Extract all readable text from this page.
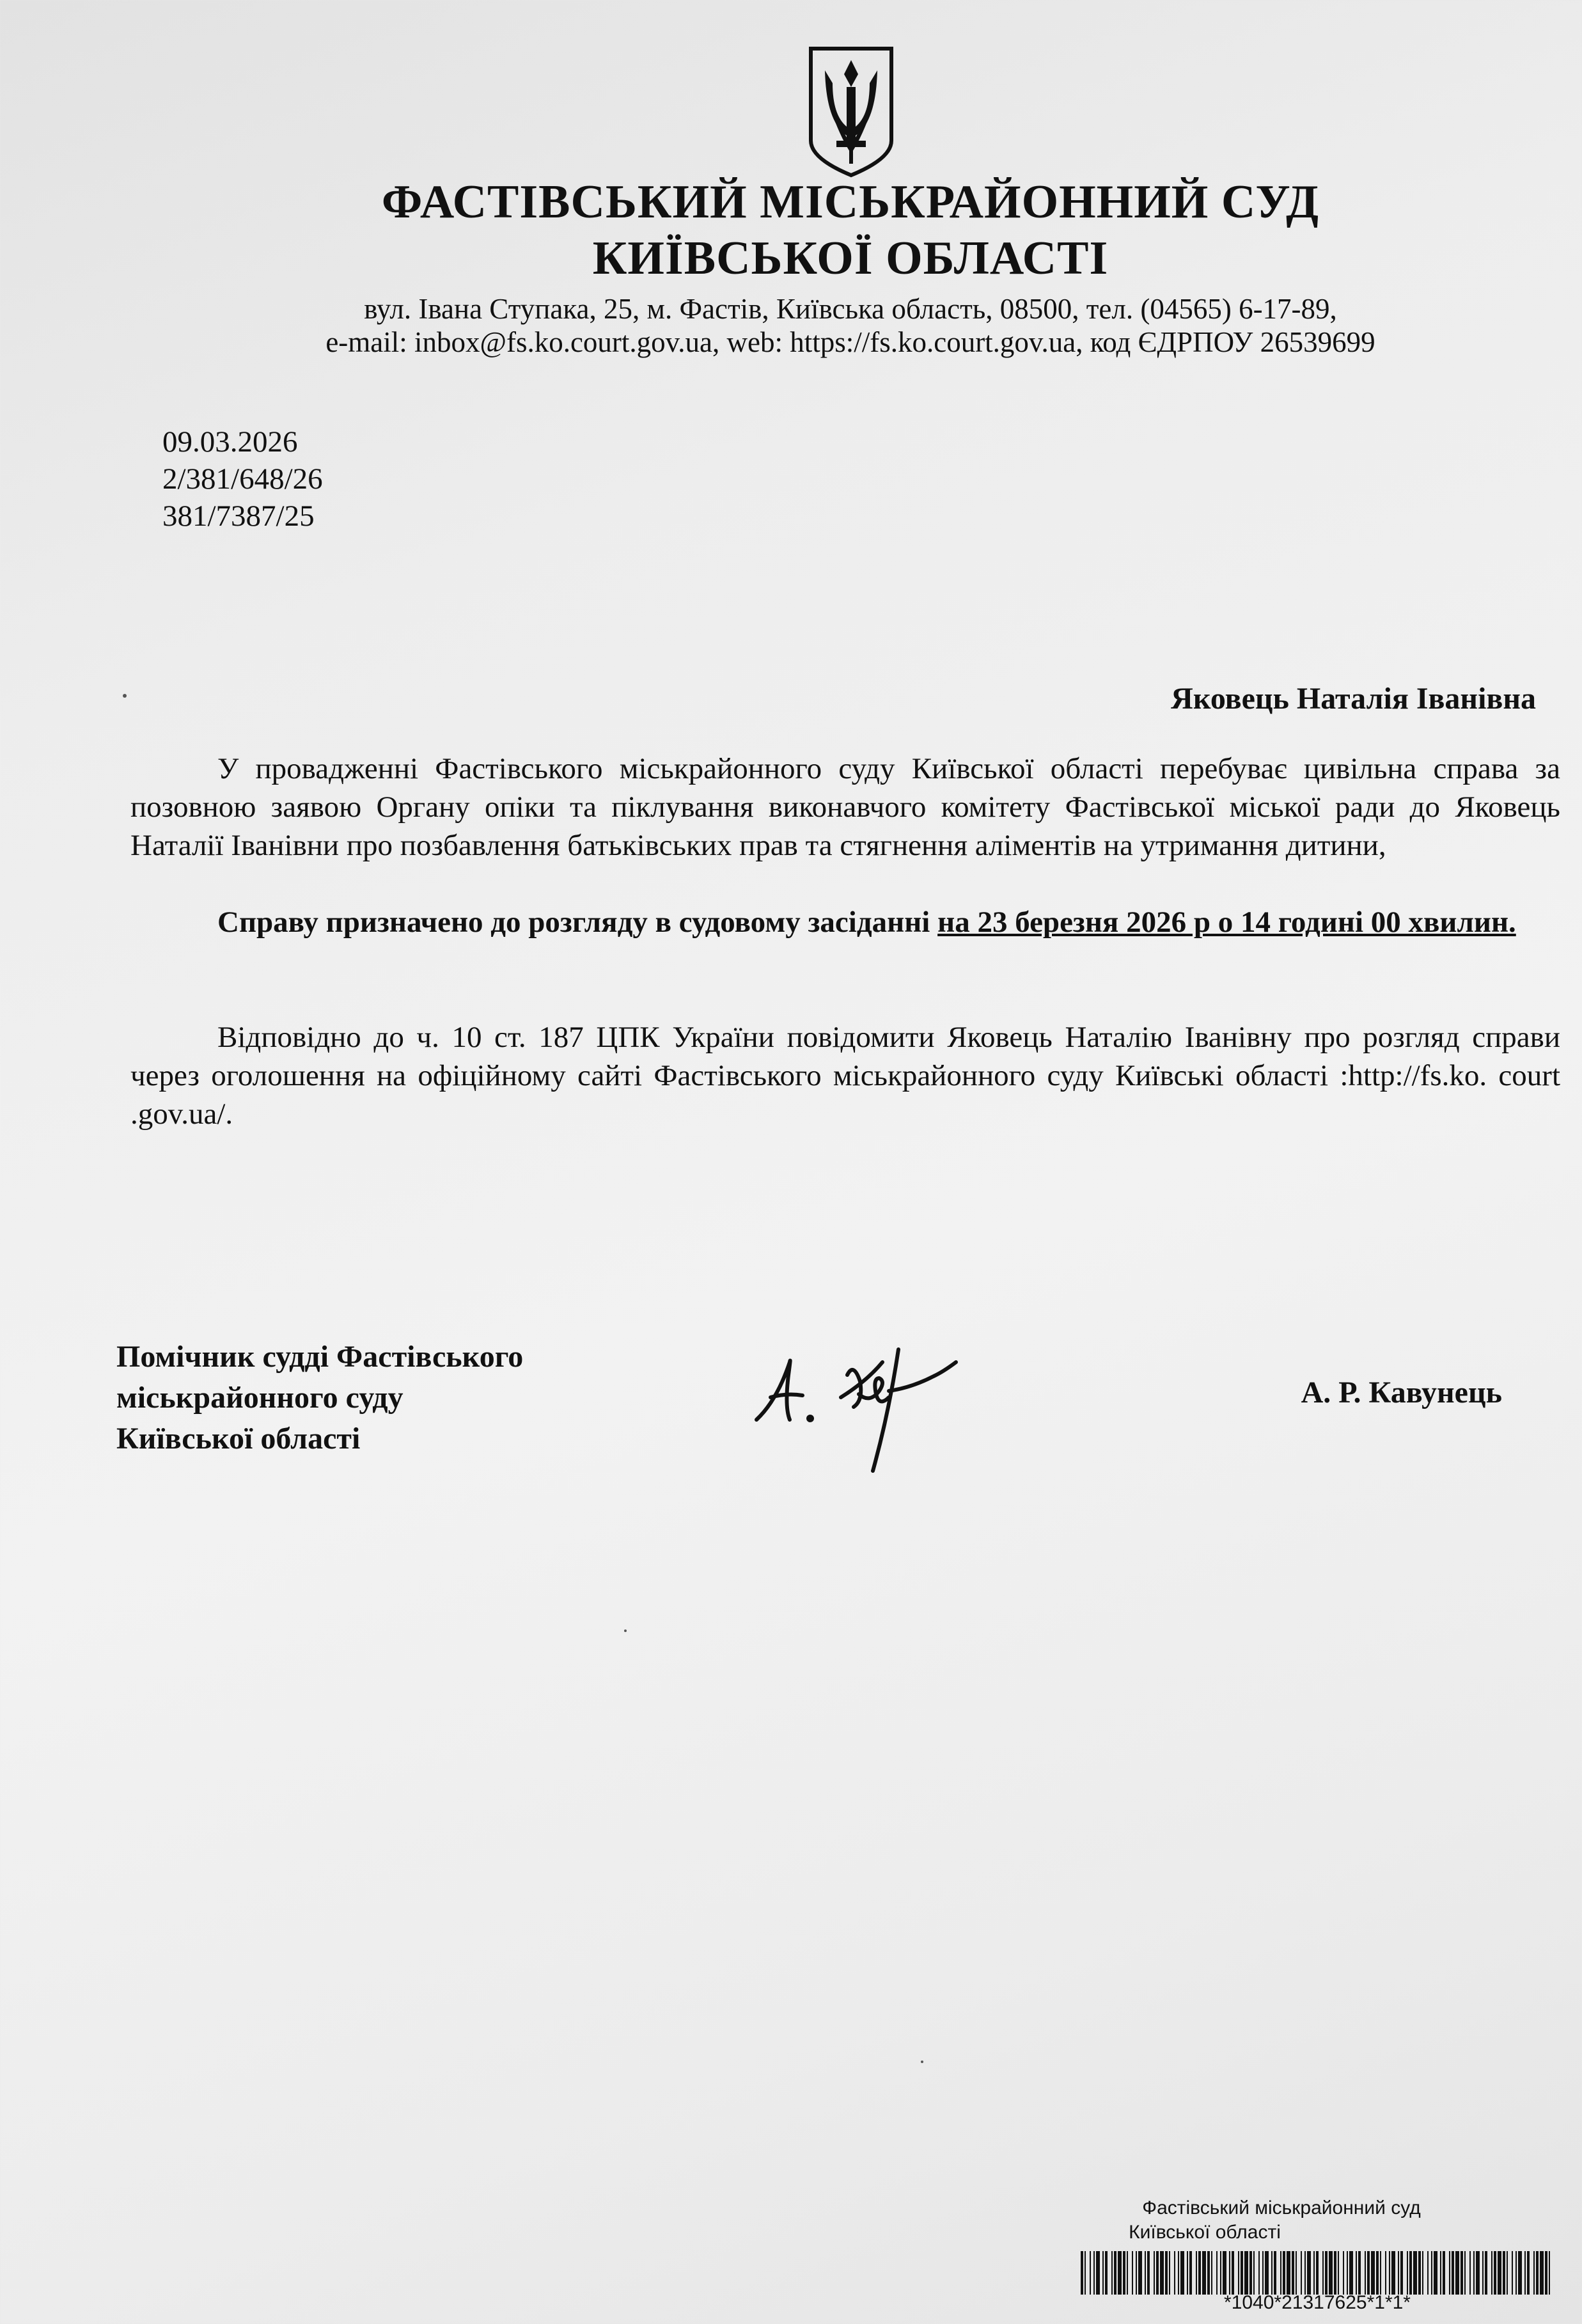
ФАСТІВСЬКИЙ МІСЬКРАЙОННИЙ СУД
КИЇВСЬКОЇ ОБЛАСТІ
вул. Івана Ступака, 25, м. Фастів, Київська область, 08500, тел. (04565) 6-17-89,
e-mail: inbox@fs.ko.court.gov.ua, web: https://fs.ko.court.gov.ua, код ЄДРПОУ 26539699
09.03.2026
2/381/648/26
381/7387/25
Яковець Наталія Іванівна

У провадженні Фастівського міськрайонного суду Київської області перебуває цивільна справа за позовною заявою Органу опіки та піклування виконавчого комітету Фастівської міської ради до Яковець Наталії Іванівни про позбавлення батьківських прав та стягнення аліментів на утримання дитини,

Справу призначено до розгляду в судовому засіданні на 23 березня 2026 р о 14 годині 00 хвилин.

Відповідно до ч. 10 ст. 187 ЦПК України повідомити Яковець Наталію Іванівну про розгляд справи через оголошення на офіційному сайті Фастівського міськрайонного суду Київські області :http://fs.ko. court .gov.ua/.

Помічник судді Фастівського
міськрайонного суду
Київської області
А. Р. Кавунець
Фастівський міськрайонний суд
Київської області
*1040*21317625*1*1*
